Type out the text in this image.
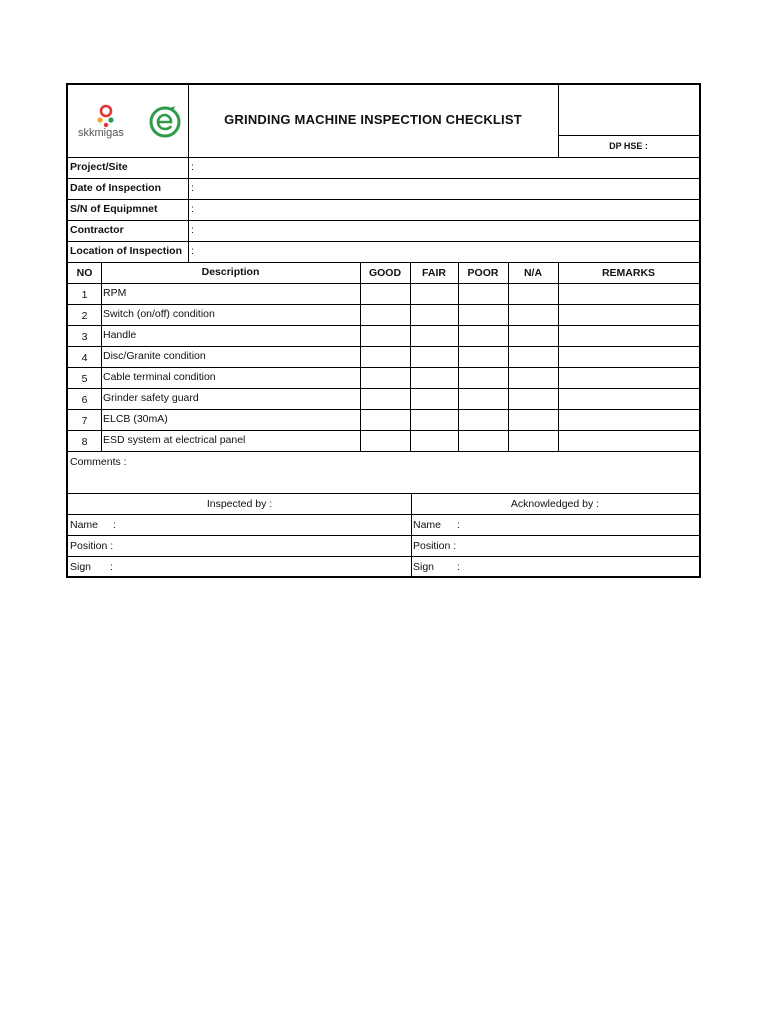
skkmigas
GRINDING MACHINE INSPECTION CHECKLIST
DP HSE :
Project/Site	:
Date of Inspection	:
S/N of Equipmnet	:
Contractor	:
Location of Inspection :
NO	Description	GOOD	FAIR	POOR	N/A	REMARKS
1	RPM
2	Switch (on/off) condition
3	Handle
4	Disc/Granite condition
5	Cable terminal condition
6	Grinder safety guard
7	ELCB (30mA)
8	ESD system at electrical panel
Comments :
Inspected by :	Acknowledged by :
Name :	Name :
Position :	Position :
Sign :	Sign :
